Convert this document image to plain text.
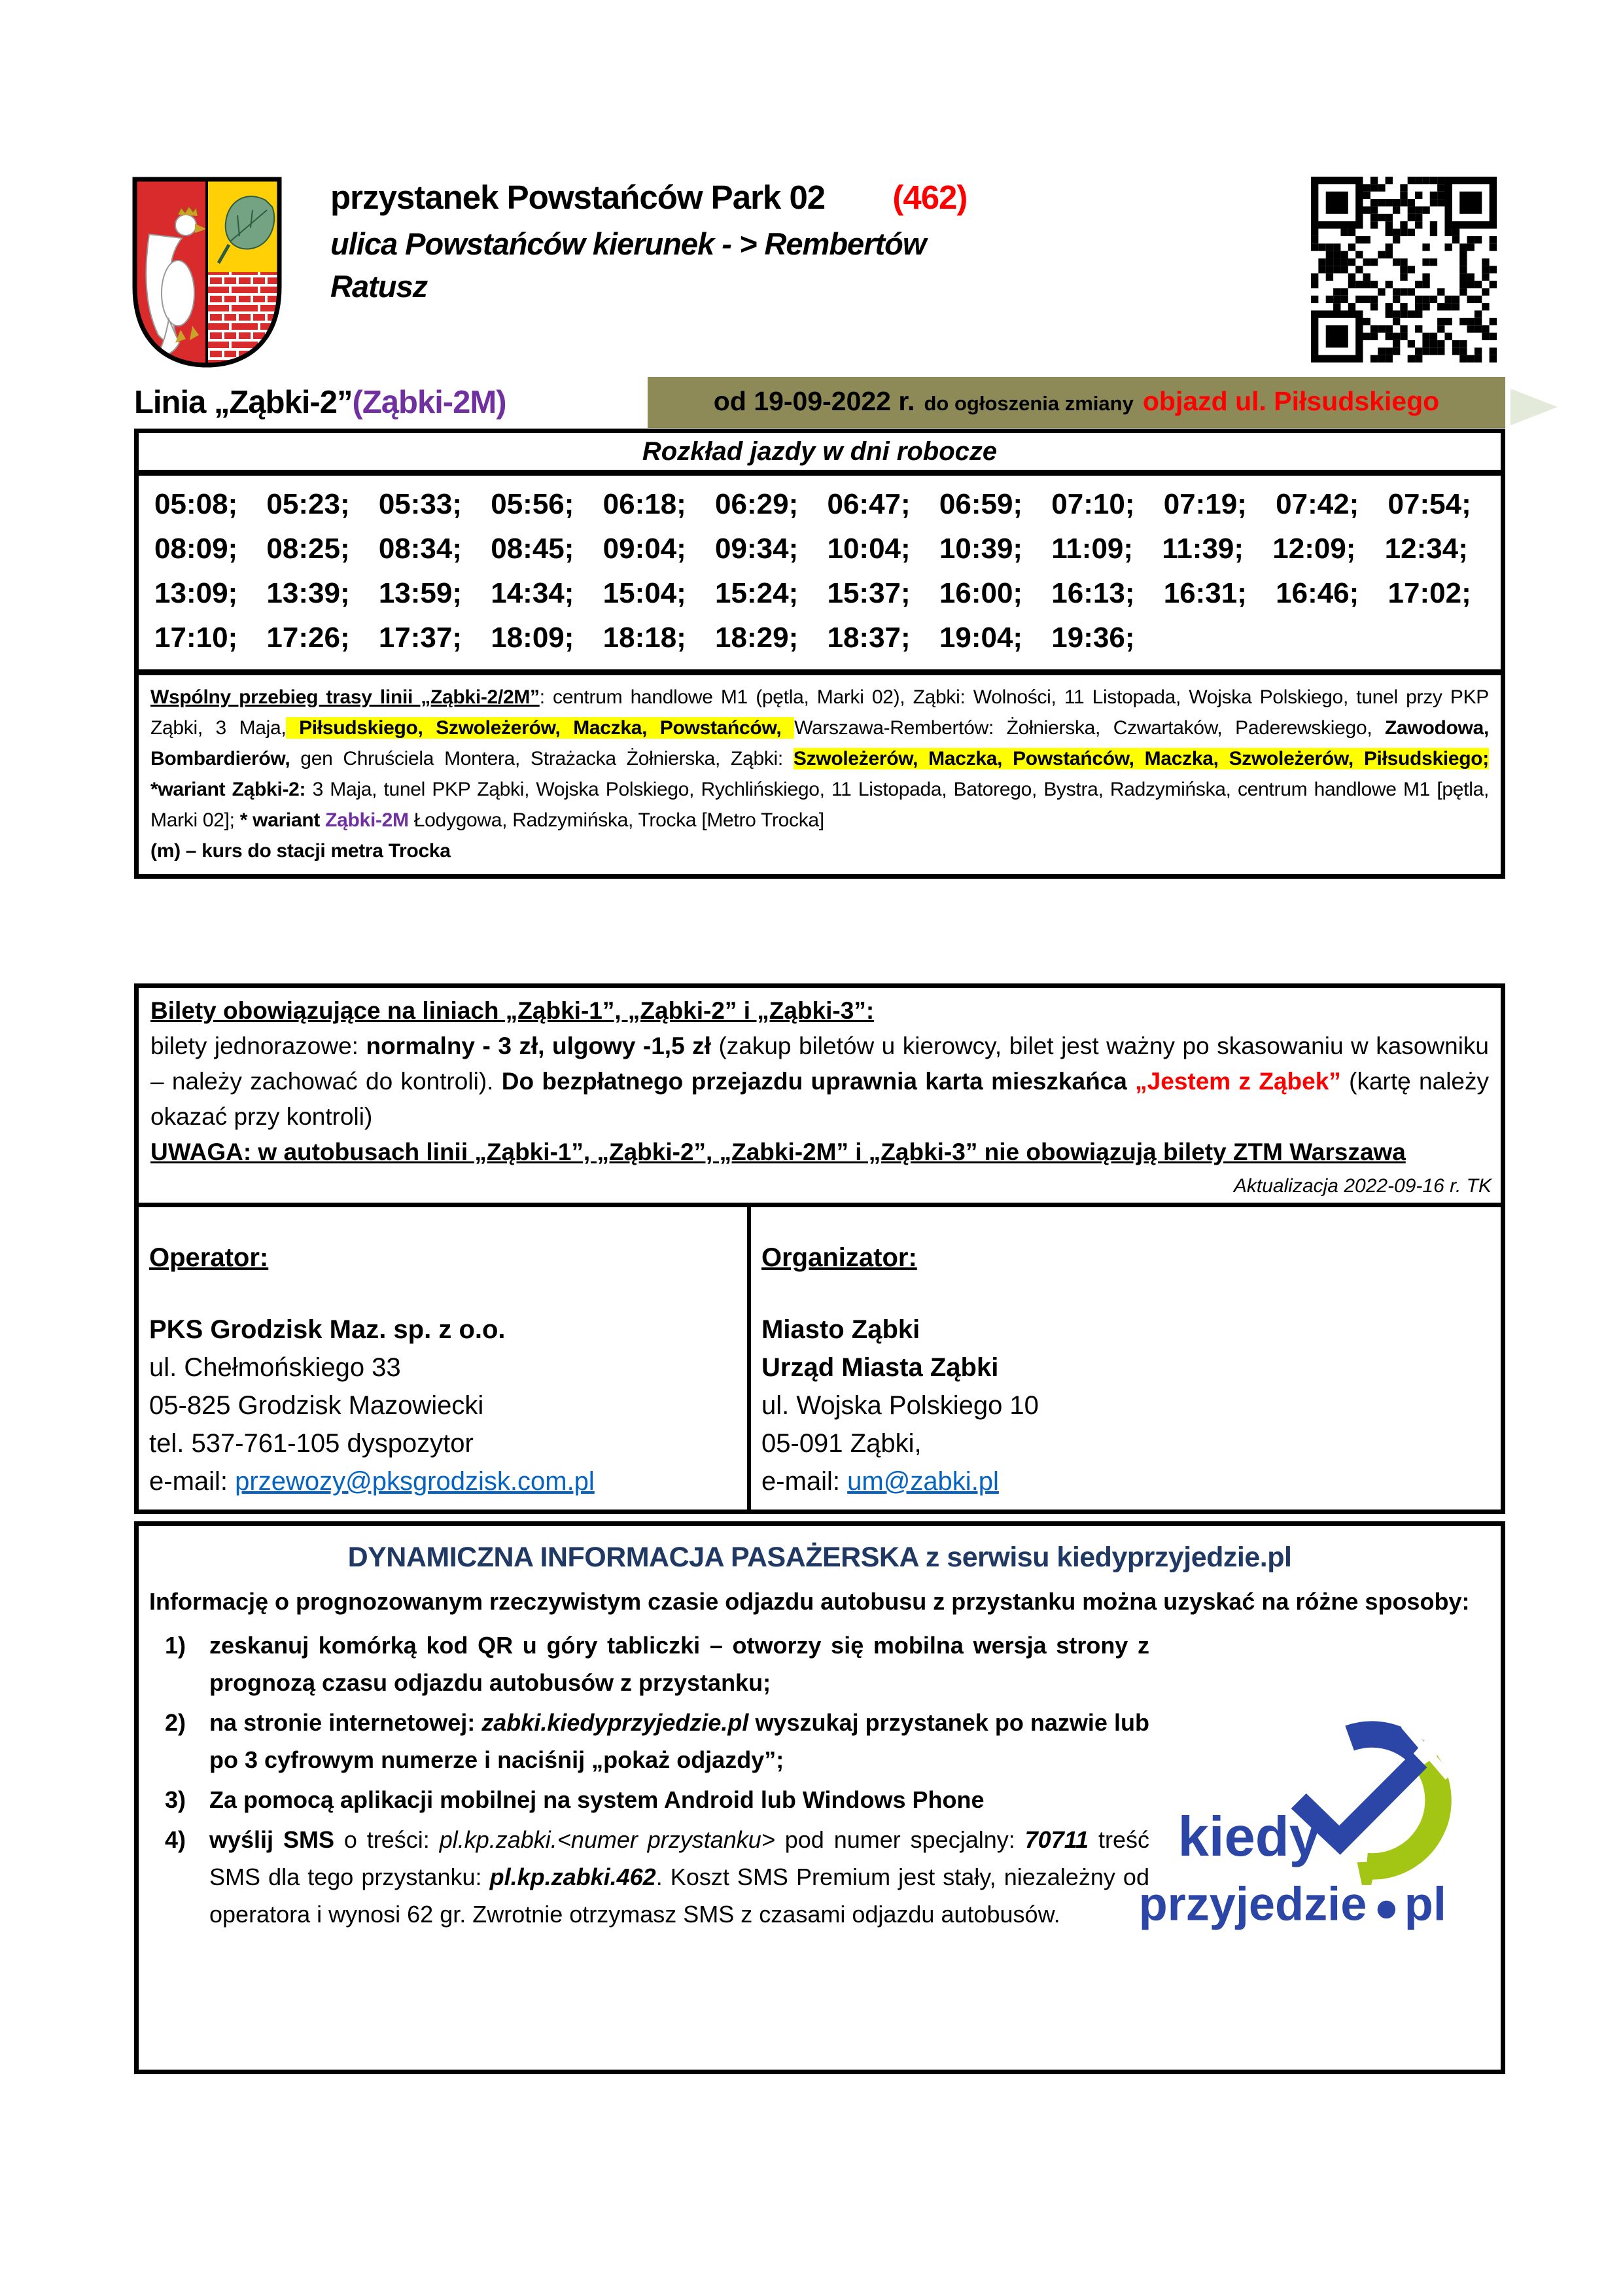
przystanek Powstańców Park 02 (462)
ulica Powstańców kierunek - > Rembertów
Ratusz
Linia „Ząbki-2” (Ząbki-2M)	od 19-09-2022 r. do ogłoszenia zmiany objazd ul. Piłsudskiego
Rozkład jazdy w dni robocze
05:08; 05:23; 05:33; 05:56; 06:18; 06:29; 06:47; 06:59; 07:10; 07:19; 07:42; 07:54; 08:09; 08:25; 08:34; 08:45; 09:04; 09:34; 10:04; 10:39; 11:09; 11:39; 12:09; 12:34; 13:09; 13:39; 13:59; 14:34; 15:04; 15:24; 15:37; 16:00; 16:13; 16:31; 16:46; 17:02; 17:10; 17:26; 17:37; 18:09; 18:18; 18:29; 18:37; 19:04; 19:36;
Wspólny przebieg trasy linii „Ząbki-2/2M”: centrum handlowe M1 (pętla, Marki 02), Ząbki: Wolności, 11 Listopada, Wojska Polskiego, tunel przy PKP Ząbki, 3 Maja, Piłsudskiego, Szwoleżerów, Maczka, Powstańców, Warszawa-Rembertów: Żołnierska, Czwartaków, Paderewskiego, Zawodowa, Bombardierów, gen Chruściela Montera, Strażacka Żołnierska, Ząbki: Szwoleżerów, Maczka, Powstańców, Maczka, Szwoleżerów, Piłsudskiego; *wariant Ząbki-2: 3 Maja, tunel PKP Ząbki, Wojska Polskiego, Rychlińskiego, 11 Listopada, Batorego, Bystra, Radzymińska, centrum handlowe M1 [pętla, Marki 02]; * wariant Ząbki-2M Łodygowa, Radzymińska, Trocka [Metro Trocka]
(m) – kurs do stacji metra Trocka

Bilety obowiązujące na liniach „Ząbki-1”, „Ząbki-2” i „Ząbki-3”:

bilety jednorazowe: normalny - 3 zł, ulgowy -1,5 zł (zakup biletów u kierowcy, bilet jest ważny po skasowaniu w kasowniku – należy zachować do kontroli). Do bezpłatnego przejazdu uprawnia karta mieszkańca „Jestem z Ząbek” (kartę należy okazać przy kontroli)

UWAGA: w autobusach linii „Ząbki-1”, „Ząbki-2”, „Zabki-2M” i „Ząbki-3” nie obowiązują bilety ZTM Warszawa

Aktualizacja 2022-09-16 r. TK

Operator:

PKS Grodzisk Maz. sp. z o.o.

ul. Chełmońskiego 33

05-825 Grodzisk Mazowiecki

tel. 537-761-105 dyspozytor

e-mail: przewozy@pksgrodzisk.com.pl

Organizator:

Miasto Ząbki

Urząd Miasta Ząbki

ul. Wojska Polskiego 10

05-091 Ząbki,

e-mail: um@zabki.pl

DYNAMICZNA INFORMACJA PASAŻERSKA z serwisu kiedyprzyjedzie.pl
Informację o prognozowanym rzeczywistym czasie odjazdu autobusu z przystanku można uzyskać na różne sposoby:
1) zeskanuj komórką kod QR u góry tabliczki – otworzy się mobilna wersja strony z prognozą czasu odjazdu autobusów z przystanku;
2) na stronie internetowej: zabki.kiedyprzyjedzie.pl wyszukaj przystanek po nazwie lub po 3 cyfrowym numerze i naciśnij „pokaż odjazdy”;
3) Za pomocą aplikacji mobilnej na system Android lub Windows Phone
4) wyślij SMS o treści: pl.kp.zabki.<numer przystanku> pod numer specjalny: 70711 treść SMS dla tego przystanku: pl.kp.zabki.462. Koszt SMS Premium jest stały, niezależny od operatora i wynosi 62 gr. Zwrotnie otrzymasz SMS z czasami odjazdu autobusów.
kiedy
przyjedzie pl
